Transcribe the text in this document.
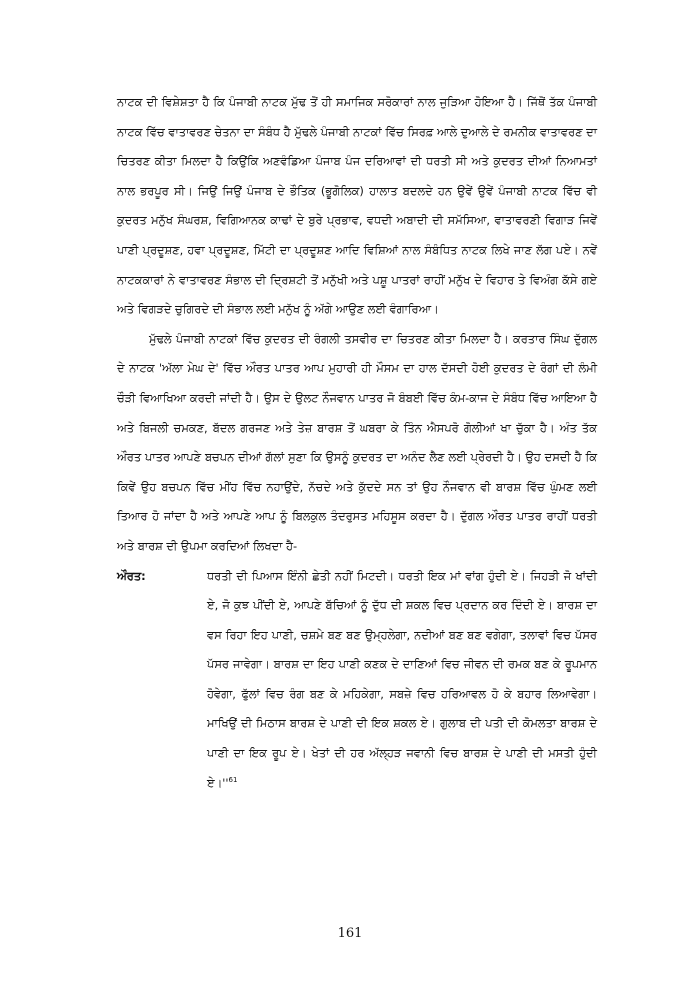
ਨਾਟਕ ਦੀ ਵਿਸ਼ੇਸ਼ਤਾ ਹੈ ਕਿ ਪੰਜਾਬੀ ਨਾਟਕ ਮੁੱਢ ਤੋਂ ਹੀ ਸਮਾਜਿਕ ਸਰੋਕਾਰਾਂ ਨਾਲ ਜੁੜਿਆ ਹੋਇਆ ਹੈ। ਜਿੱਥੋਂ ਤੱਕ ਪੰਜਾਬੀ ਨਾਟਕ ਵਿੱਚ ਵਾਤਾਵਰਣ ਚੇਤਨਾ ਦਾ ਸੰਬੰਧ ਹੈ ਮੁੱਢਲੇ ਪੰਜਾਬੀ ਨਾਟਕਾਂ ਵਿੱਚ ਸਿਰਫ਼ ਆਲੇ ਦੁਆਲੇ ਦੇ ਰਮਨੀਕ ਵਾਤਾਵਰਣ ਦਾ ਚਿਤਰਣ ਕੀਤਾ ਮਿਲਦਾ ਹੈ ਕਿਉਂਕਿ ਅਣਵੰਡਿਆ ਪੰਜਾਬ ਪੰਜ ਦਰਿਆਵਾਂ ਦੀ ਧਰਤੀ ਸੀ ਅਤੇ ਕੁਦਰਤ ਦੀਆਂ ਨਿਆਮਤਾਂ ਨਾਲ ਭਰਪੂਰ ਸੀ। ਜਿਉਂ ਜਿਉਂ ਪੰਜਾਬ ਦੇ ਭੌਤਿਕ (ਭੂਗੋਲਿਕ) ਹਾਲਾਤ ਬਦਲਦੇ ਹਨ ਉਵੇਂ ਉਵੇਂ ਪੰਜਾਬੀ ਨਾਟਕ ਵਿੱਚ ਵੀ ਕੁਦਰਤ ਮਨੁੱਖ ਸੰਘਰਸ਼, ਵਿਗਿਆਨਕ ਕਾਢਾਂ ਦੇ ਬੁਰੇ ਪ੍ਰਭਾਵ, ਵਧਦੀ ਅਬਾਦੀ ਦੀ ਸਮੱਸਿਆ, ਵਾਤਾਵਰਣੀ ਵਿਗਾੜ ਜਿਵੇਂ ਪਾਣੀ ਪ੍ਰਦੂਸ਼ਣ, ਹਵਾ ਪ੍ਰਦੂਸ਼ਣ, ਮਿੱਟੀ ਦਾ ਪ੍ਰਦੂਸ਼ਣ ਆਦਿ ਵਿਸ਼ਿਆਂ ਨਾਲ ਸੰਬੰਧਿਤ ਨਾਟਕ ਲਿਖੇ ਜਾਣ ਲੱਗ ਪਏ। ਨਵੇਂ ਨਾਟਕਕਾਰਾਂ ਨੇ ਵਾਤਾਵਰਣ ਸੰਭਾਲ ਦੀ ਦ੍ਰਿਸ਼ਟੀ ਤੋਂ ਮਨੁੱਖੀ ਅਤੇ ਪਸ਼ੂ ਪਾਤਰਾਂ ਰਾਹੀਂ ਮਨੁੱਖ ਦੇ ਵਿਹਾਰ ਤੇ ਵਿਅੰਗ ਕੱਸੇ ਗਏ ਅਤੇ ਵਿਗੜਦੇ ਚੁਗਿਰਦੇ ਦੀ ਸੰਭਾਲ ਲਈ ਮਨੁੱਖ ਨੂੰ ਅੱਗੇ ਆਉਣ ਲਈ ਵੰਗਾਰਿਆ।

ਮੁੱਢਲੇ ਪੰਜਾਬੀ ਨਾਟਕਾਂ ਵਿੱਚ ਕੁਦਰਤ ਦੀ ਰੰਗਲੀ ਤਸਵੀਰ ਦਾ ਚਿਤਰਣ ਕੀਤਾ ਮਿਲਦਾ ਹੈ। ਕਰਤਾਰ ਸਿੰਘ ਦੁੱਗਲ ਦੇ ਨਾਟਕ 'ਅੱਲਾ ਮੇਘ ਦੇ' ਵਿੱਚ ਔਰਤ ਪਾਤਰ ਆਪ ਮੁਹਾਰੀ ਹੀ ਮੌਸਮ ਦਾ ਹਾਲ ਦੱਸਦੀ ਹੋਈ ਕੁਦਰਤ ਦੇ ਰੰਗਾਂ ਦੀ ਲੰਮੀ ਚੌੜੀ ਵਿਆਖਿਆ ਕਰਦੀ ਜਾਂਦੀ ਹੈ। ਉਸ ਦੇ ਉਲਟ ਨੌਜਵਾਨ ਪਾਤਰ ਜੋ ਬੰਬਈ ਵਿੱਚ ਕੰਮ-ਕਾਜ ਦੇ ਸੰਬੰਧ ਵਿੱਚ ਆਇਆ ਹੈ ਅਤੇ ਬਿਜਲੀ ਚਮਕਣ, ਬੱਦਲ ਗਰਜਣ ਅਤੇ ਤੇਜ਼ ਬਾਰਸ਼ ਤੋਂ ਘਬਰਾ ਕੇ ਤਿੰਨ ਐਸਪਰੋ ਗੋਲੀਆਂ ਖਾ ਚੁੱਕਾ ਹੈ। ਅੰਤ ਤੱਕ ਔਰਤ ਪਾਤਰ ਆਪਣੇ ਬਚਪਨ ਦੀਆਂ ਗੱਲਾਂ ਸੁਣਾ ਕਿ ਉਸਨੂੰ ਕੁਦਰਤ ਦਾ ਅਨੰਦ ਲੈਣ ਲਈ ਪ੍ਰੇਰਦੀ ਹੈ। ਉਹ ਦਸਦੀ ਹੈ ਕਿ ਕਿਵੇਂ ਉਹ ਬਚਪਨ ਵਿੱਚ ਮੀਂਹ ਵਿੱਚ ਨਹਾਉਂਦੇ, ਨੱਚਦੇ ਅਤੇ ਕੁੱਦਦੇ ਸਨ ਤਾਂ ਉਹ ਨੌਜਵਾਨ ਵੀ ਬਾਰਸ਼ ਵਿੱਚ ਘੁੰਮਣ ਲਈ ਤਿਆਰ ਹੋ ਜਾਂਦਾ ਹੈ ਅਤੇ ਆਪਣੇ ਆਪ ਨੂੰ ਬਿਲਕੁਲ ਤੰਦਰੁਸਤ ਮਹਿਸੂਸ ਕਰਦਾ ਹੈ। ਦੁੱਗਲ ਔਰਤ ਪਾਤਰ ਰਾਹੀਂ ਧਰਤੀ ਅਤੇ ਬਾਰਸ਼ ਦੀ ਉਪਮਾ ਕਰਦਿਆਂ ਲਿਖਦਾ ਹੈ-

ਔਰਤ:	ਧਰਤੀ ਦੀ ਪਿਆਸ ਇੰਨੀ ਛੇਤੀ ਨਹੀਂ ਮਿਟਦੀ। ਧਰਤੀ ਇਕ ਮਾਂ ਵਾਂਗ ਹੁੰਦੀ ਏ। ਜਿਹੜੀ ਜੋ ਖਾਂਦੀ ਏ, ਜੋ ਕੁਝ ਪੀਂਦੀ ਏ, ਆਪਣੇ ਬੱਚਿਆਂ ਨੂੰ ਦੁੱਧ ਦੀ ਸ਼ਕਲ ਵਿਚ ਪ੍ਰਦਾਨ ਕਰ ਦਿੰਦੀ ਏ। ਬਾਰਸ਼ ਦਾ ਵਸ ਰਿਹਾ ਇਹ ਪਾਣੀ, ਚਸ਼ਮੇ ਬਣ ਬਣ ਉਮ੍ਹਲੇਗਾ, ਨਦੀਆਂ ਬਣ ਬਣ ਵਗੇਗਾ, ਤਲਾਵਾਂ ਵਿਚ ਪੱਸਰ ਪੱਸਰ ਜਾਵੇਗਾ। ਬਾਰਸ਼ ਦਾ ਇਹ ਪਾਣੀ ਕਣਕ ਦੇ ਦਾਣਿਆਂ ਵਿਚ ਜੀਵਨ ਦੀ ਰਮਕ ਬਣ ਕੇ ਰੂਪਮਾਨ ਹੋਵੇਗਾ, ਫੁੱਲਾਂ ਵਿਚ ਰੰਗ ਬਣ ਕੇ ਮਹਿਕੇਗਾ, ਸਬਜ਼ੇ ਵਿਚ ਹਰਿਆਵਲ ਹੋ ਕੇ ਬਹਾਰ ਲਿਆਵੇਗਾ। ਮਾਖਿਉਂ ਦੀ ਮਿਠਾਸ ਬਾਰਸ਼ ਦੇ ਪਾਣੀ ਦੀ ਇਕ ਸ਼ਕਲ ਏ। ਗੁਲਾਬ ਦੀ ਪਤੀ ਦੀ ਕੋਮਲਤਾ ਬਾਰਸ਼ ਦੇ ਪਾਣੀ ਦਾ ਇਕ ਰੂਪ ਏ। ਖੇਤਾਂ ਦੀ ਹਰ ਅੱਲ੍ਹੜ ਜਵਾਨੀ ਵਿਚ ਬਾਰਸ਼ ਦੇ ਪਾਣੀ ਦੀ ਮਸਤੀ ਹੁੰਦੀ ਏ।''$^{61}$
161
